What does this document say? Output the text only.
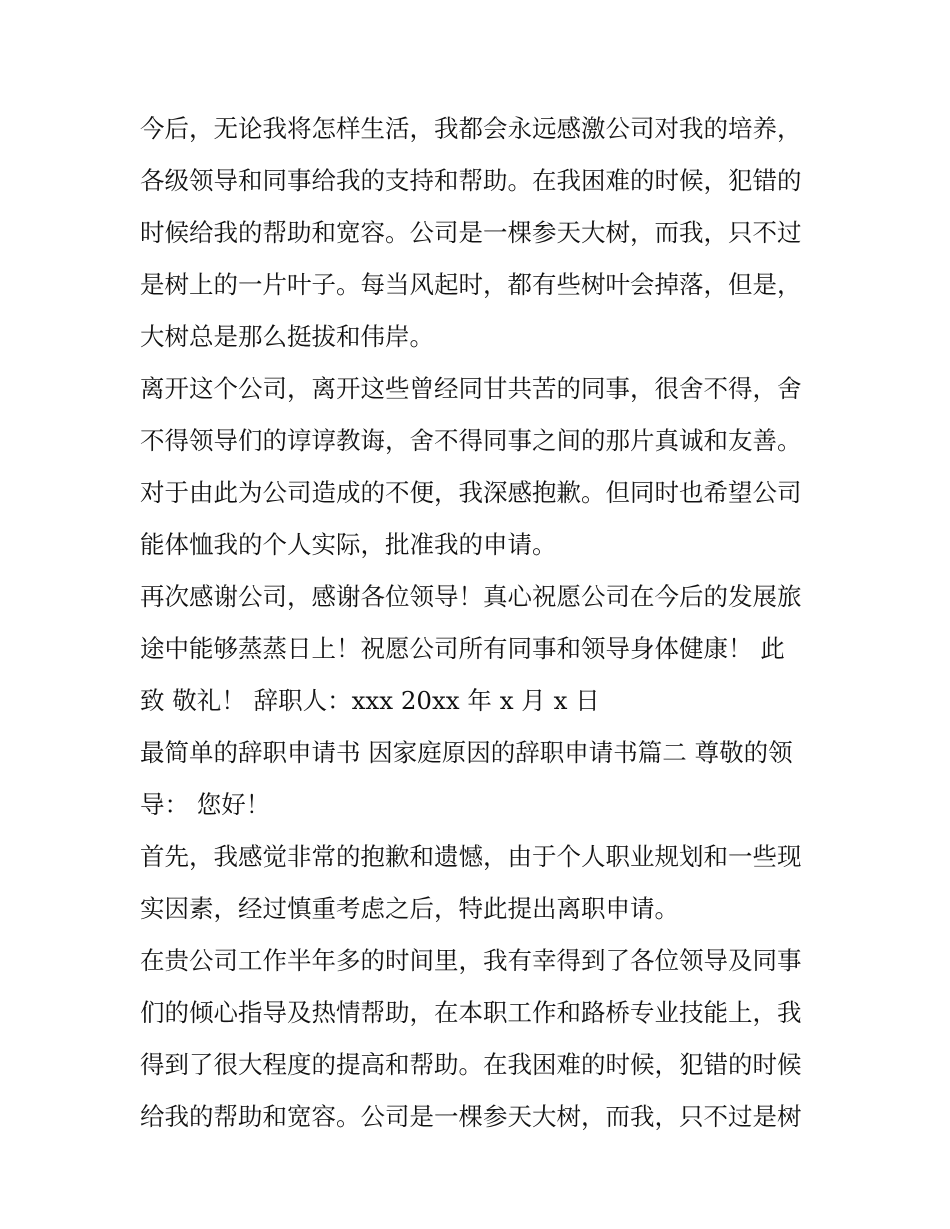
今后，无论我将怎样生活，我都会永远感激公司对我的培养，
各级领导和同事给我的支持和帮助。在我困难的时候，犯错的
时候给我的帮助和宽容。公司是一棵参天大树，而我，只不过
是树上的一片叶子。每当风起时，都有些树叶会掉落，但是，
大树总是那么挺拔和伟岸。
离开这个公司，离开这些曾经同甘共苦的同事，很舍不得，舍
不得领导们的谆谆教诲，舍不得同事之间的那片真诚和友善。
对于由此为公司造成的不便，我深感抱歉。但同时也希望公司
能体恤我的个人实际，批准我的申请。
再次感谢公司，感谢各位领导！真心祝愿公司在今后的发展旅
途中能够蒸蒸日上！祝愿公司所有同事和领导身体健康！ 此
致 敬礼！ 辞职人：xxx 20xx 年 x 月 x 日
最简单的辞职申请书 因家庭原因的辞职申请书篇二 尊敬的领
导： 您好！
首先，我感觉非常的抱歉和遗憾，由于个人职业规划和一些现
实因素，经过慎重考虑之后，特此提出离职申请。
在贵公司工作半年多的时间里，我有幸得到了各位领导及同事
们的倾心指导及热情帮助，在本职工作和路桥专业技能上，我
得到了很大程度的提高和帮助。在我困难的时候，犯错的时候
给我的帮助和宽容。公司是一棵参天大树，而我，只不过是树
